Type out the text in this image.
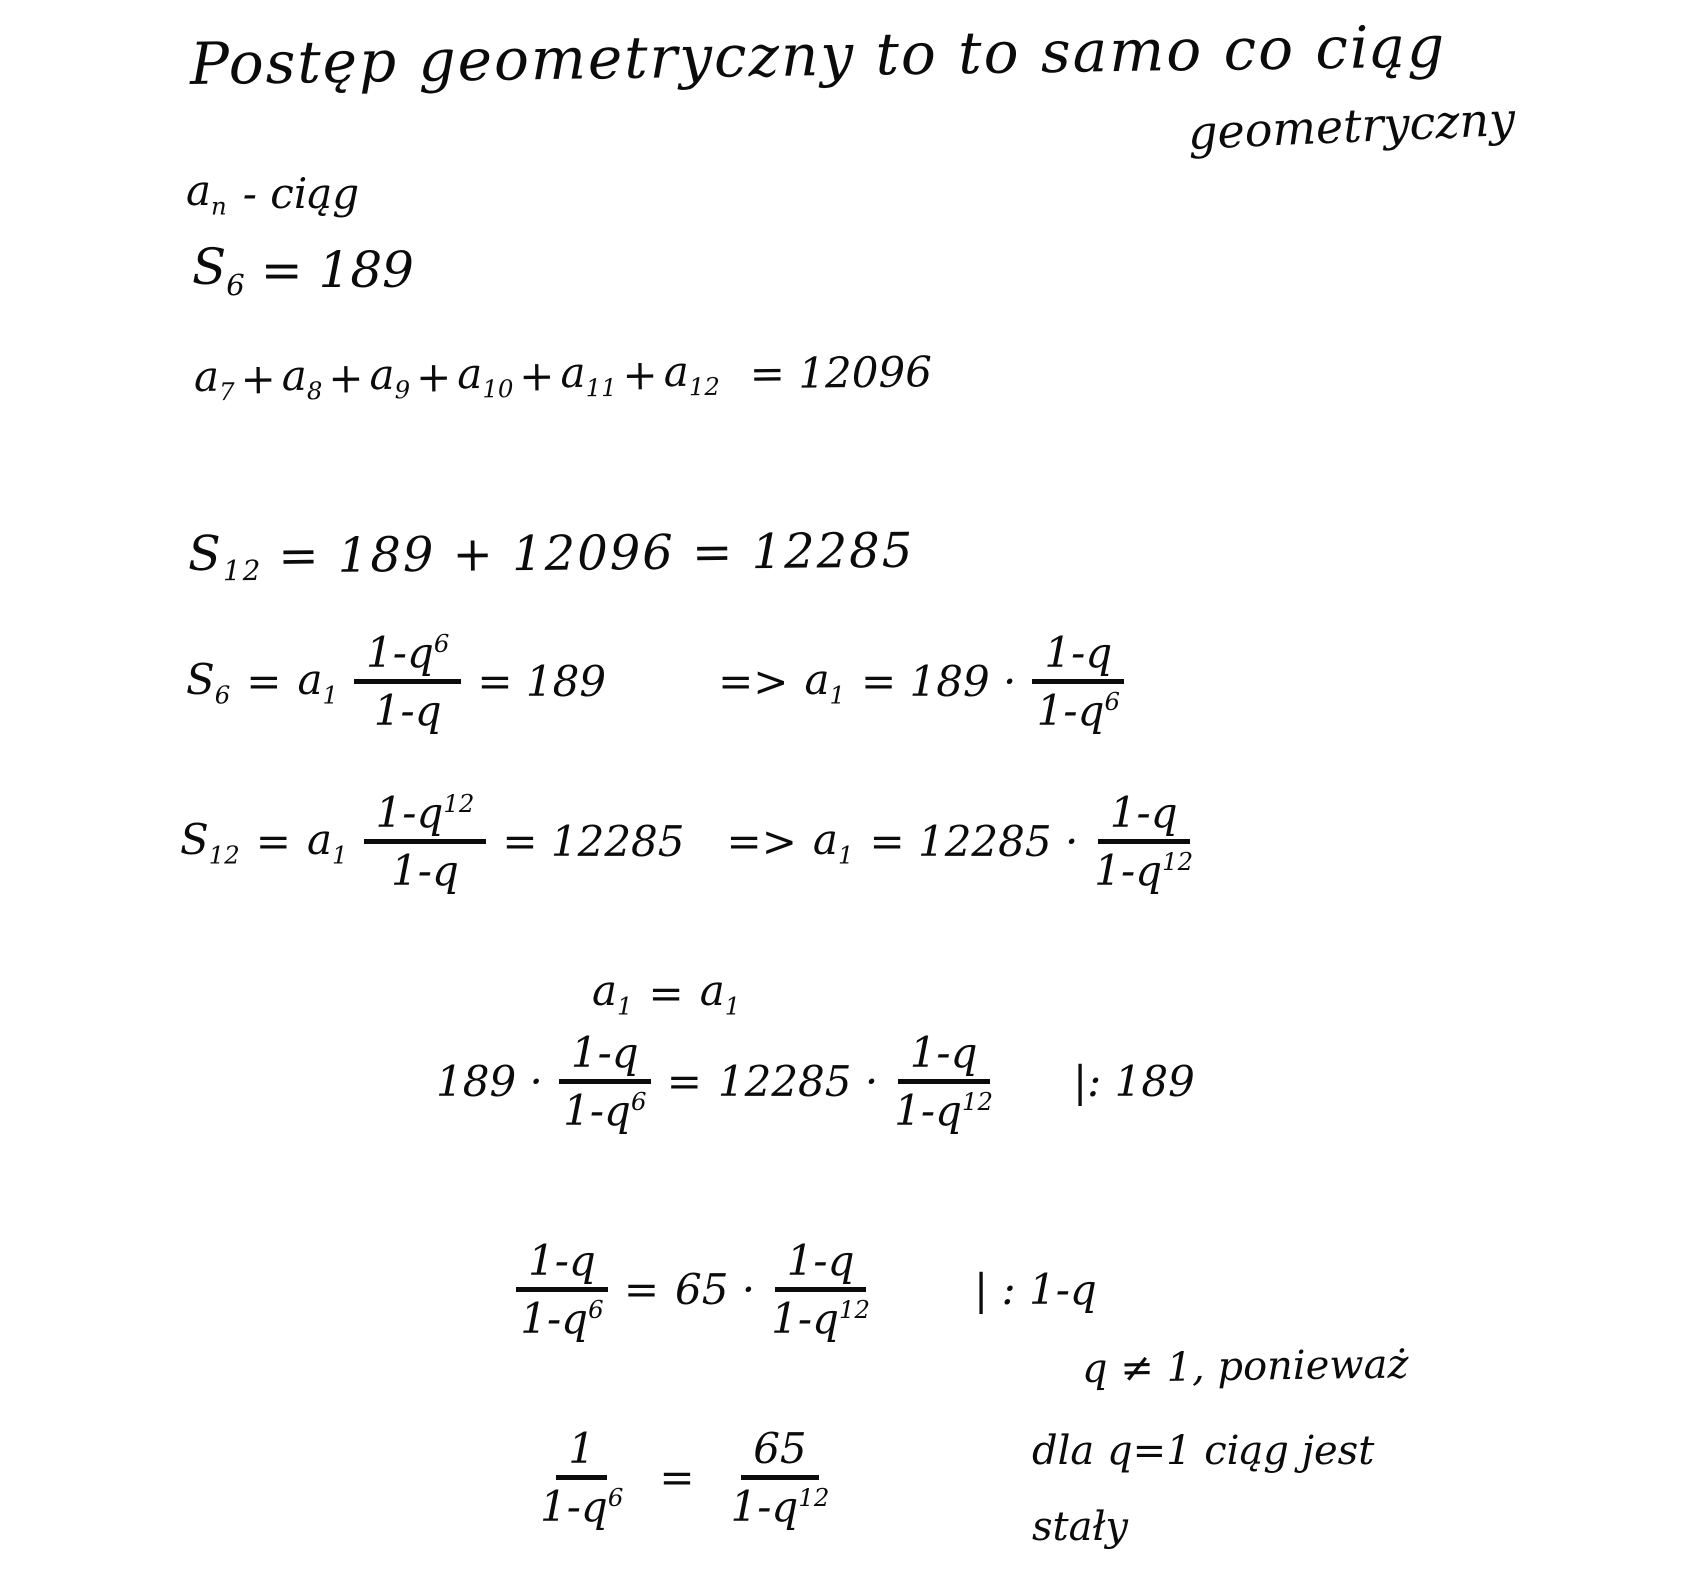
Postęp geometryczny to to samo co ciąg
geometryczny
$a_n$ - ciąg
$S_6 = 189$
$a_7 + a_8 + a_9 + a_{10} + a_{11} + a_{12} = 12096$
$S_{12} = 189 + 12096 = 12285$
$S_6 = a_1 \frac{1-q^6}{1-q} = 189$	=> $a_1 = 189 \cdot \frac{1-q}{1-q^6}$
$S_{12} = a_1 \frac{1-q^{12}}{1-q} = 12285 => a_1 = 12285 \cdot \frac{1-q}{1-q^{12}}$
$a_1 = a_1$
$189 \cdot \frac{1-q}{1-q^6} = 12285 \cdot \frac{1-q}{1-q^{12}}$ |: 189
$\frac{1-q}{1-q^6} = 65 \cdot \frac{1-q}{1-q^{12}}$ | : 1-q
q ≠ 1, ponieważ
$\frac{1}{1-q^6} = \frac{65}{1-q^{12}}$	dla q=1 ciąg jest
stały
